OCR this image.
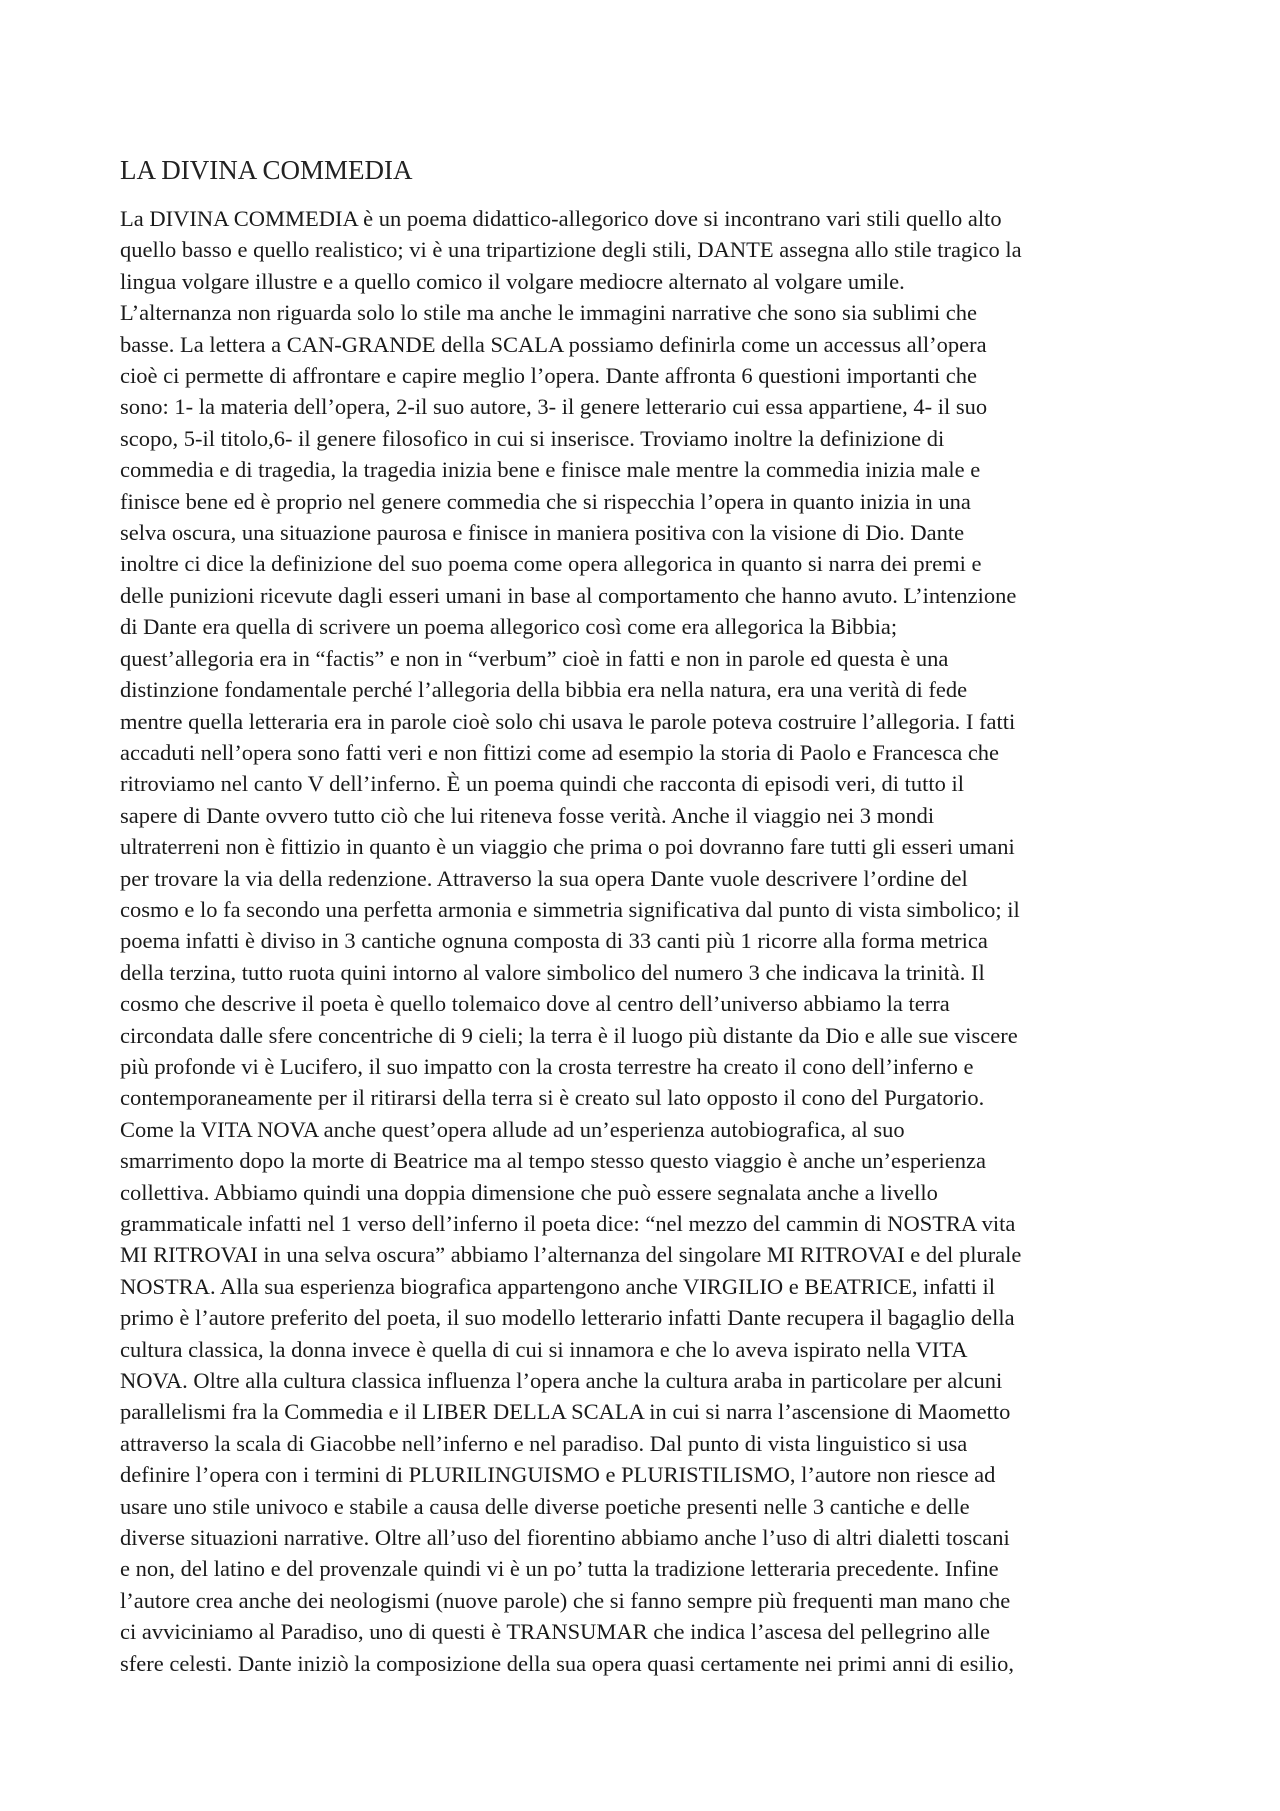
LA DIVINA COMMEDIA
La DIVINA COMMEDIA è un poema didattico-allegorico dove si incontrano vari stili quello alto
quello basso e quello realistico; vi è una tripartizione degli stili, DANTE assegna allo stile tragico la
lingua volgare illustre e a quello comico il volgare mediocre alternato al volgare umile.
L’alternanza non riguarda solo lo stile ma anche le immagini narrative che sono sia sublimi che
basse. La lettera a CAN-GRANDE della SCALA possiamo definirla come un accessus all’opera
cioè ci permette di affrontare e capire meglio l’opera. Dante affronta 6 questioni importanti che
sono: 1- la materia dell’opera, 2-il suo autore, 3- il genere letterario cui essa appartiene, 4- il suo
scopo, 5-il titolo,6- il genere filosofico in cui si inserisce. Troviamo inoltre la definizione di
commedia e di tragedia, la tragedia inizia bene e finisce male mentre la commedia inizia male e
finisce bene ed è proprio nel genere commedia che si rispecchia l’opera in quanto inizia in una
selva oscura, una situazione paurosa e finisce in maniera positiva con la visione di Dio. Dante
inoltre ci dice la definizione del suo poema come opera allegorica in quanto si narra dei premi e
delle punizioni ricevute dagli esseri umani in base al comportamento che hanno avuto. L’intenzione
di Dante era quella di scrivere un poema allegorico così come era allegorica la Bibbia;
quest’allegoria era in “factis” e non in “verbum” cioè in fatti e non in parole ed questa è una
distinzione fondamentale perché l’allegoria della bibbia era nella natura, era una verità di fede
mentre quella letteraria era in parole cioè solo chi usava le parole poteva costruire l’allegoria. I fatti
accaduti nell’opera sono fatti veri e non fittizi come ad esempio la storia di Paolo e Francesca che
ritroviamo nel canto V dell’inferno. È un poema quindi che racconta di episodi veri, di tutto il
sapere di Dante ovvero tutto ciò che lui riteneva fosse verità. Anche il viaggio nei 3 mondi
ultraterreni non è fittizio in quanto è un viaggio che prima o poi dovranno fare tutti gli esseri umani
per trovare la via della redenzione. Attraverso la sua opera Dante vuole descrivere l’ordine del
cosmo e lo fa secondo una perfetta armonia e simmetria significativa dal punto di vista simbolico; il
poema infatti è diviso in 3 cantiche ognuna composta di 33 canti più 1 ricorre alla forma metrica
della terzina, tutto ruota quini intorno al valore simbolico del numero 3 che indicava la trinità. Il
cosmo che descrive il poeta è quello tolemaico dove al centro dell’universo abbiamo la terra
circondata dalle sfere concentriche di 9 cieli; la terra è il luogo più distante da Dio e alle sue viscere
più profonde vi è Lucifero, il suo impatto con la crosta terrestre ha creato il cono dell’inferno e
contemporaneamente per il ritirarsi della terra si è creato sul lato opposto il cono del Purgatorio.
Come la VITA NOVA anche quest’opera allude ad un’esperienza autobiografica, al suo
smarrimento dopo la morte di Beatrice ma al tempo stesso questo viaggio è anche un’esperienza
collettiva. Abbiamo quindi una doppia dimensione che può essere segnalata anche a livello
grammaticale infatti nel 1 verso dell’inferno il poeta dice: “nel mezzo del cammin di NOSTRA vita
MI RITROVAI in una selva oscura” abbiamo l’alternanza del singolare MI RITROVAI e del plurale
NOSTRA. Alla sua esperienza biografica appartengono anche VIRGILIO e BEATRICE, infatti il
primo è l’autore preferito del poeta, il suo modello letterario infatti Dante recupera il bagaglio della
cultura classica, la donna invece è quella di cui si innamora e che lo aveva ispirato nella VITA
NOVA. Oltre alla cultura classica influenza l’opera anche la cultura araba in particolare per alcuni
parallelismi fra la Commedia e il LIBER DELLA SCALA in cui si narra l’ascensione di Maometto
attraverso la scala di Giacobbe nell’inferno e nel paradiso. Dal punto di vista linguistico si usa
definire l’opera con i termini di PLURILINGUISMO e PLURISTILISMO, l’autore non riesce ad
usare uno stile univoco e stabile a causa delle diverse poetiche presenti nelle 3 cantiche e delle
diverse situazioni narrative. Oltre all’uso del fiorentino abbiamo anche l’uso di altri dialetti toscani
e non, del latino e del provenzale quindi vi è un po’ tutta la tradizione letteraria precedente. Infine
l’autore crea anche dei neologismi (nuove parole) che si fanno sempre più frequenti man mano che
ci avviciniamo al Paradiso, uno di questi è TRANSUMAR che indica l’ascesa del pellegrino alle
sfere celesti. Dante iniziò la composizione della sua opera quasi certamente nei primi anni di esilio,
